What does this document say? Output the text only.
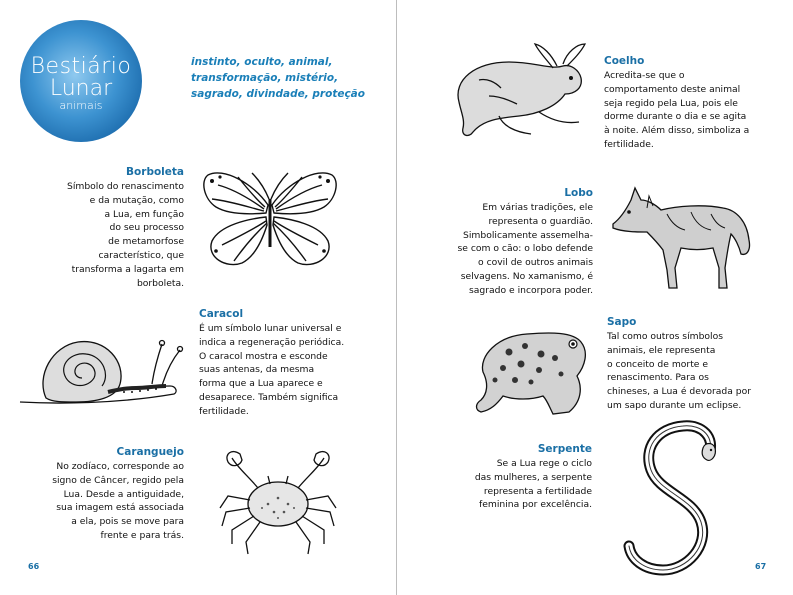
Bestiário
Lunar
animais
instinto, oculto, animal,
transformação, mistério,
sagrado, divindade, proteção
Borboleta
Símbolo do renascimento
e da mutação, como
a Lua, em função
do seu processo
de metamorfose
característico, que
transforma a lagarta em
borboleta.
Caracol
É um símbolo lunar universal e
indica a regeneração periódica.
O caracol mostra e esconde
suas antenas, da mesma
forma que a Lua aparece e
desaparece. Também significa
fertilidade.
Caranguejo
No zodíaco, corresponde ao
signo de Câncer, regido pela
Lua. Desde a antiguidade,
sua imagem está associada
a ela, pois se move para
frente e para trás.
66
Coelho
Acredita-se que o
comportamento deste animal
seja regido pela Lua, pois ele
dorme durante o dia e se agita
à noite. Além disso, simboliza a
fertilidade.
Lobo
Em várias tradições, ele
representa o guardião.
Simbolicamente assemelha-
se com o cão: o lobo defende
o covil de outros animais
selvagens. No xamanismo, é
sagrado e incorpora poder.
Sapo
Tal como outros símbolos
animais, ele representa
o conceito de morte e
renascimento. Para os
chineses, a Lua é devorada por
um sapo durante um eclipse.
Serpente
Se a Lua rege o ciclo
das mulheres, a serpente
representa a fertilidade
feminina por excelência.
67
